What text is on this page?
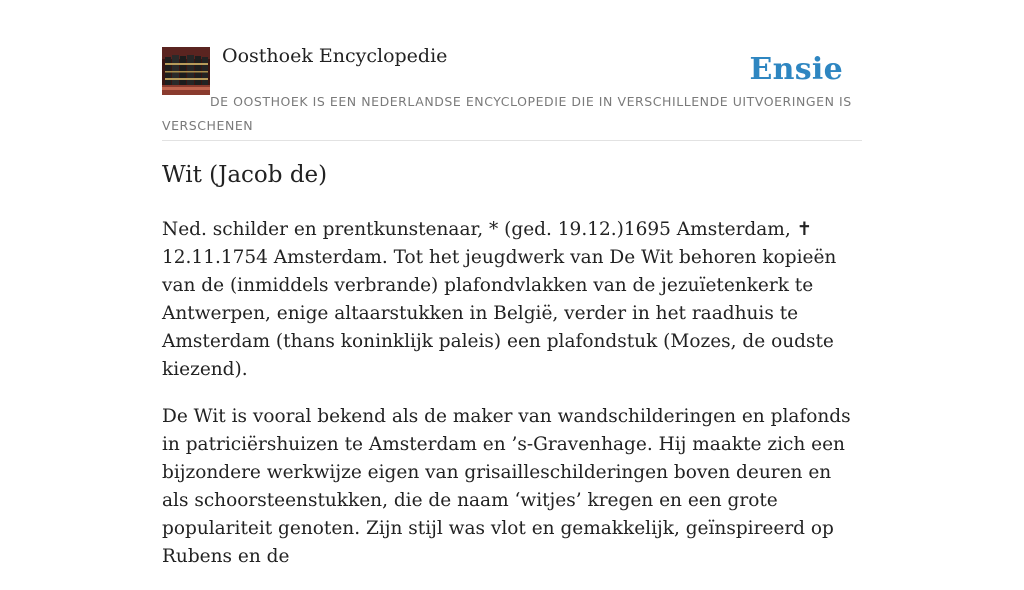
Oosthoek Encyclopedie	Ensie
DE OOSTHOEK IS EEN NEDERLANDSE ENCYCLOPEDIE DIE IN VERSCHILLENDE UITVOERINGEN IS VERSCHENEN
Wit (Jacob de)

Ned. schilder en prentkunstenaar, * (ged. 19.12.)1695 Amsterdam, ✝ 12.11.1754 Amsterdam. Tot het jeugdwerk van De Wit behoren kopieën van de (inmiddels verbrande) plafondvlakken van de jezuïetenkerk te Antwerpen, enige altaarstukken in België, verder in het raadhuis te Amsterdam (thans koninklijk paleis) een plafondstuk (Mozes, de oudste kiezend).

De Wit is vooral bekend als de maker van wandschilderingen en plafonds in patriciërshuizen te Amsterdam en ’s-Gravenhage. Hij maakte zich een bijzondere werkwijze eigen van grisailleschilderingen boven deuren en als schoorsteenstukken, die de naam ‘witjes’ kregen en een grote populariteit genoten. Zijn stijl was vlot en gemakkelijk, geïnspireerd op Rubens en de
